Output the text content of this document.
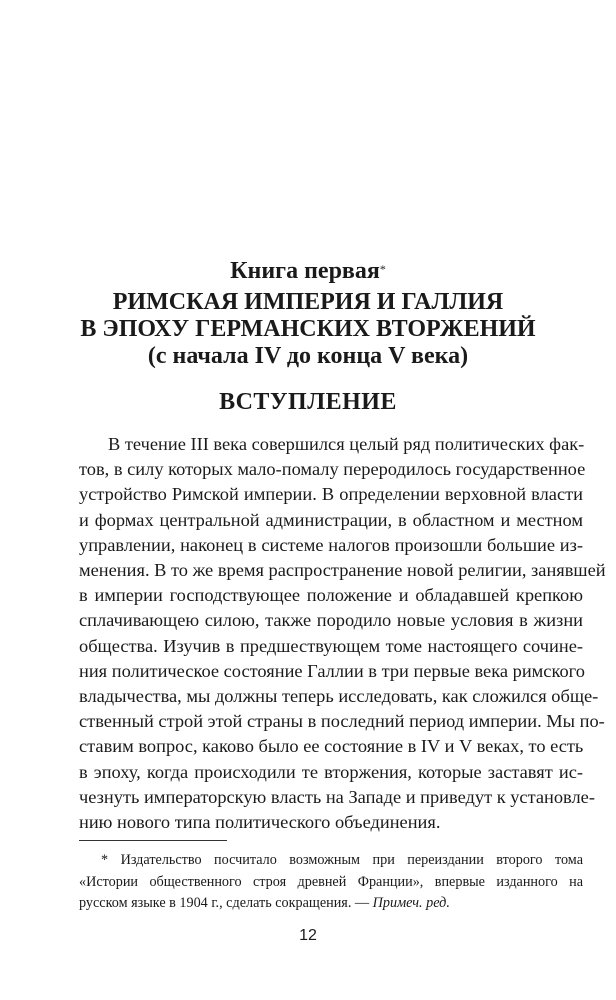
Книга первая*
РИМСКАЯ ИМПЕРИЯ И ГАЛЛИЯ
В ЭПОХУ ГЕРМАНСКИХ ВТОРЖЕНИЙ
(с начала IV до конца V века)
ВСТУПЛЕНИЕ
В течение III века совершился целый ряд политических фак-
тов, в силу которых мало-помалу переродилось государственное
устройство Римской империи. В определении верховной власти
и формах центральной администрации, в областном и местном
управлении, наконец в системе налогов произошли большие из-
менения. В то же время распространение новой религии, занявшей
в империи господствующее положение и обладавшей крепкою
сплачивающею силою, также породило новые условия в жизни
общества. Изучив в предшествующем томе настоящего сочине-
ния политическое состояние Галлии в три первые века римского
владычества, мы должны теперь исследовать, как сложился обще-
ственный строй этой страны в последний период империи. Мы по-
ставим вопрос, каково было ее состояние в IV и V веках, то есть
в эпоху, когда происходили те вторжения, которые заставят ис-
чезнуть императорскую власть на Западе и приведут к установле-
нию нового типа политического объединения.
* Издательство посчитало возможным при переиздании второго тома
«Истории общественного строя древней Франции», впервые изданного на
русском языке в 1904 г., сделать сокращения. — Примеч. ред.
12
